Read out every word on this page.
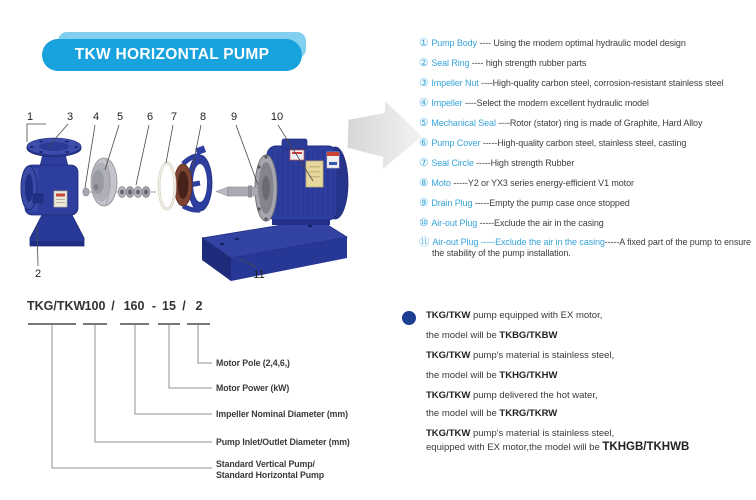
TKW HORIZONTAL PUMP
1	3 4 5 6 7 8 9	10
2	11
① Pump Body ---- Using the modern optimal hydraulic model design
② Seal Ring ---- high strength rubber parts
③ Impeller Nut ----High-quality carbon steel, corrosion-resistant stainless steel
④ Impeller ----Select the modern excellent hydraulic model
⑤ Mechanical Seal ----Rotor (stator) ring is made of Graphite, Hard Alloy
⑥ Pump Cover -----High-quality carbon steel, stainless steel, casting
⑦ Seal Circle -----High strength Rubber
⑧ Moto -----Y2 or YX3 series energy-efficient V1 motor
⑨ Drain Plug -----Empty the pump case once stopped
⑩ Air-out Plug -----Exclude the air in the casing
⑪ Air-out Plug -----Exclude the air in the casing-----A fixed part of the pump to ensure the stability of the pump installation.
TKG/TKW 100 / 160 - 15 / 2
Motor Pole (2,4,6,)
Motor Power (kW)
Impeller Nominal Diameter (mm)
Pump Inlet/Outlet Diameter (mm)
Standard Vertical Pump/
Standard Horizontal Pump
TKG/TKW pump equipped with EX motor,
the model will be TKBG/TKBW
TKG/TKW pump's material is stainless steel,
the model will be TKHG/TKHW
TKG/TKW pump delivered the hot water,
the model will be TKRG/TKRW
TKG/TKW pump's material is stainless steel,
equipped with EX motor,the model will be TKHGB/TKHWB
